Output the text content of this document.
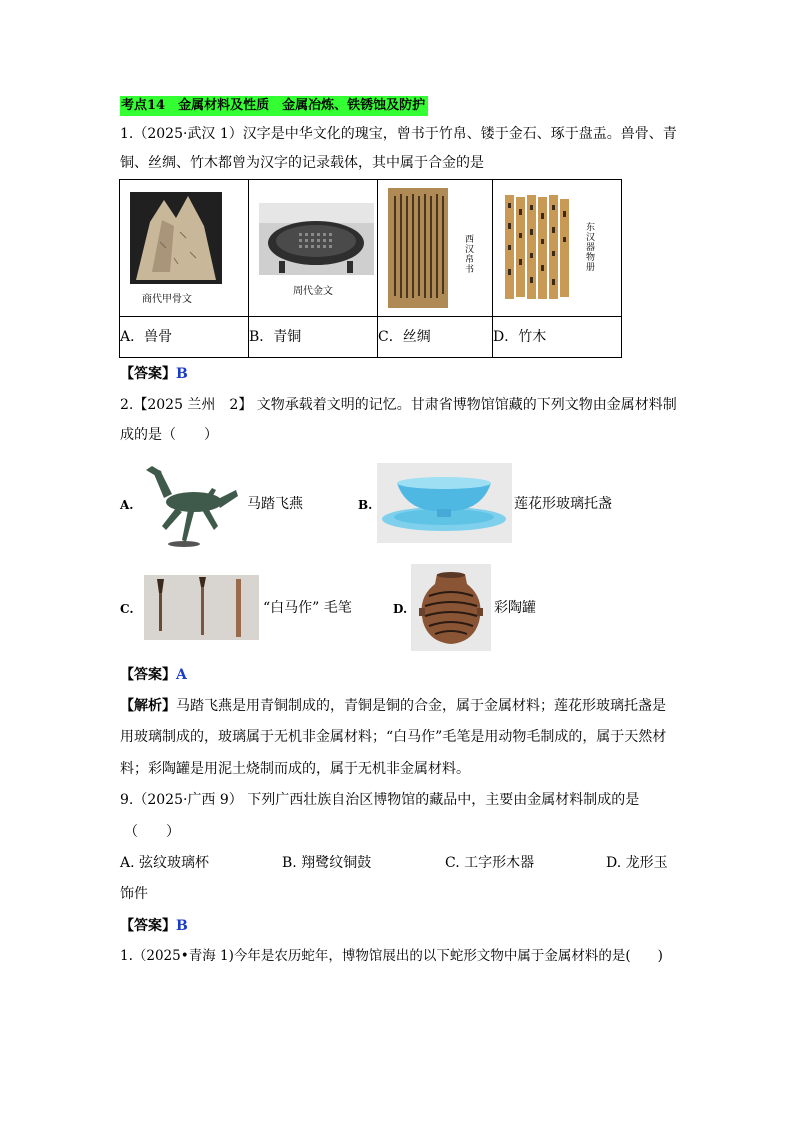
考点14　金属材料及性质　金属冶炼、铁锈蚀及防护
1.（2025·武汉 1）汉字是中华文化的瑰宝，曾书于竹帛、镂于金石、琢于盘盂。兽骨、青
铜、丝绸、竹木都曾为汉字的记录载体，其中属于合金的是
商代甲骨文	周代金文	西汉帛书	东汉器物册

A．兽骨	B．青铜	C．丝绸	D．竹木
【答案】B
2.【2025 兰州　2】 文物承载着文明的记忆。甘肃省博物馆馆藏的下列文物由金属材料制
成的是（　　）
A.	马踏飞燕	B.	莲花形玻璃托盏
C.	“白马作” 毛笔	D.	彩陶罐
【答案】A
【解析】马踏飞燕是用青铜制成的，青铜是铜的合金，属于金属材料；莲花形玻璃托盏是
用玻璃制成的，玻璃属于无机非金属材料；“白马作”毛笔是用动物毛制成的，属于天然材
料；彩陶罐是用泥土烧制而成的，属于无机非金属材料。
9.（2025·广西 9） 下列广西壮族自治区博物馆的藏品中，主要由金属材料制成的是
（　　）
A. 弦纹玻璃杯	B. 翔鹭纹铜鼓	C. 工字形木器	D. 龙形玉
饰件
【答案】B
1.（2025•青海 1)今年是农历蛇年，博物馆展出的以下蛇形文物中属于金属材料的是(　　)
